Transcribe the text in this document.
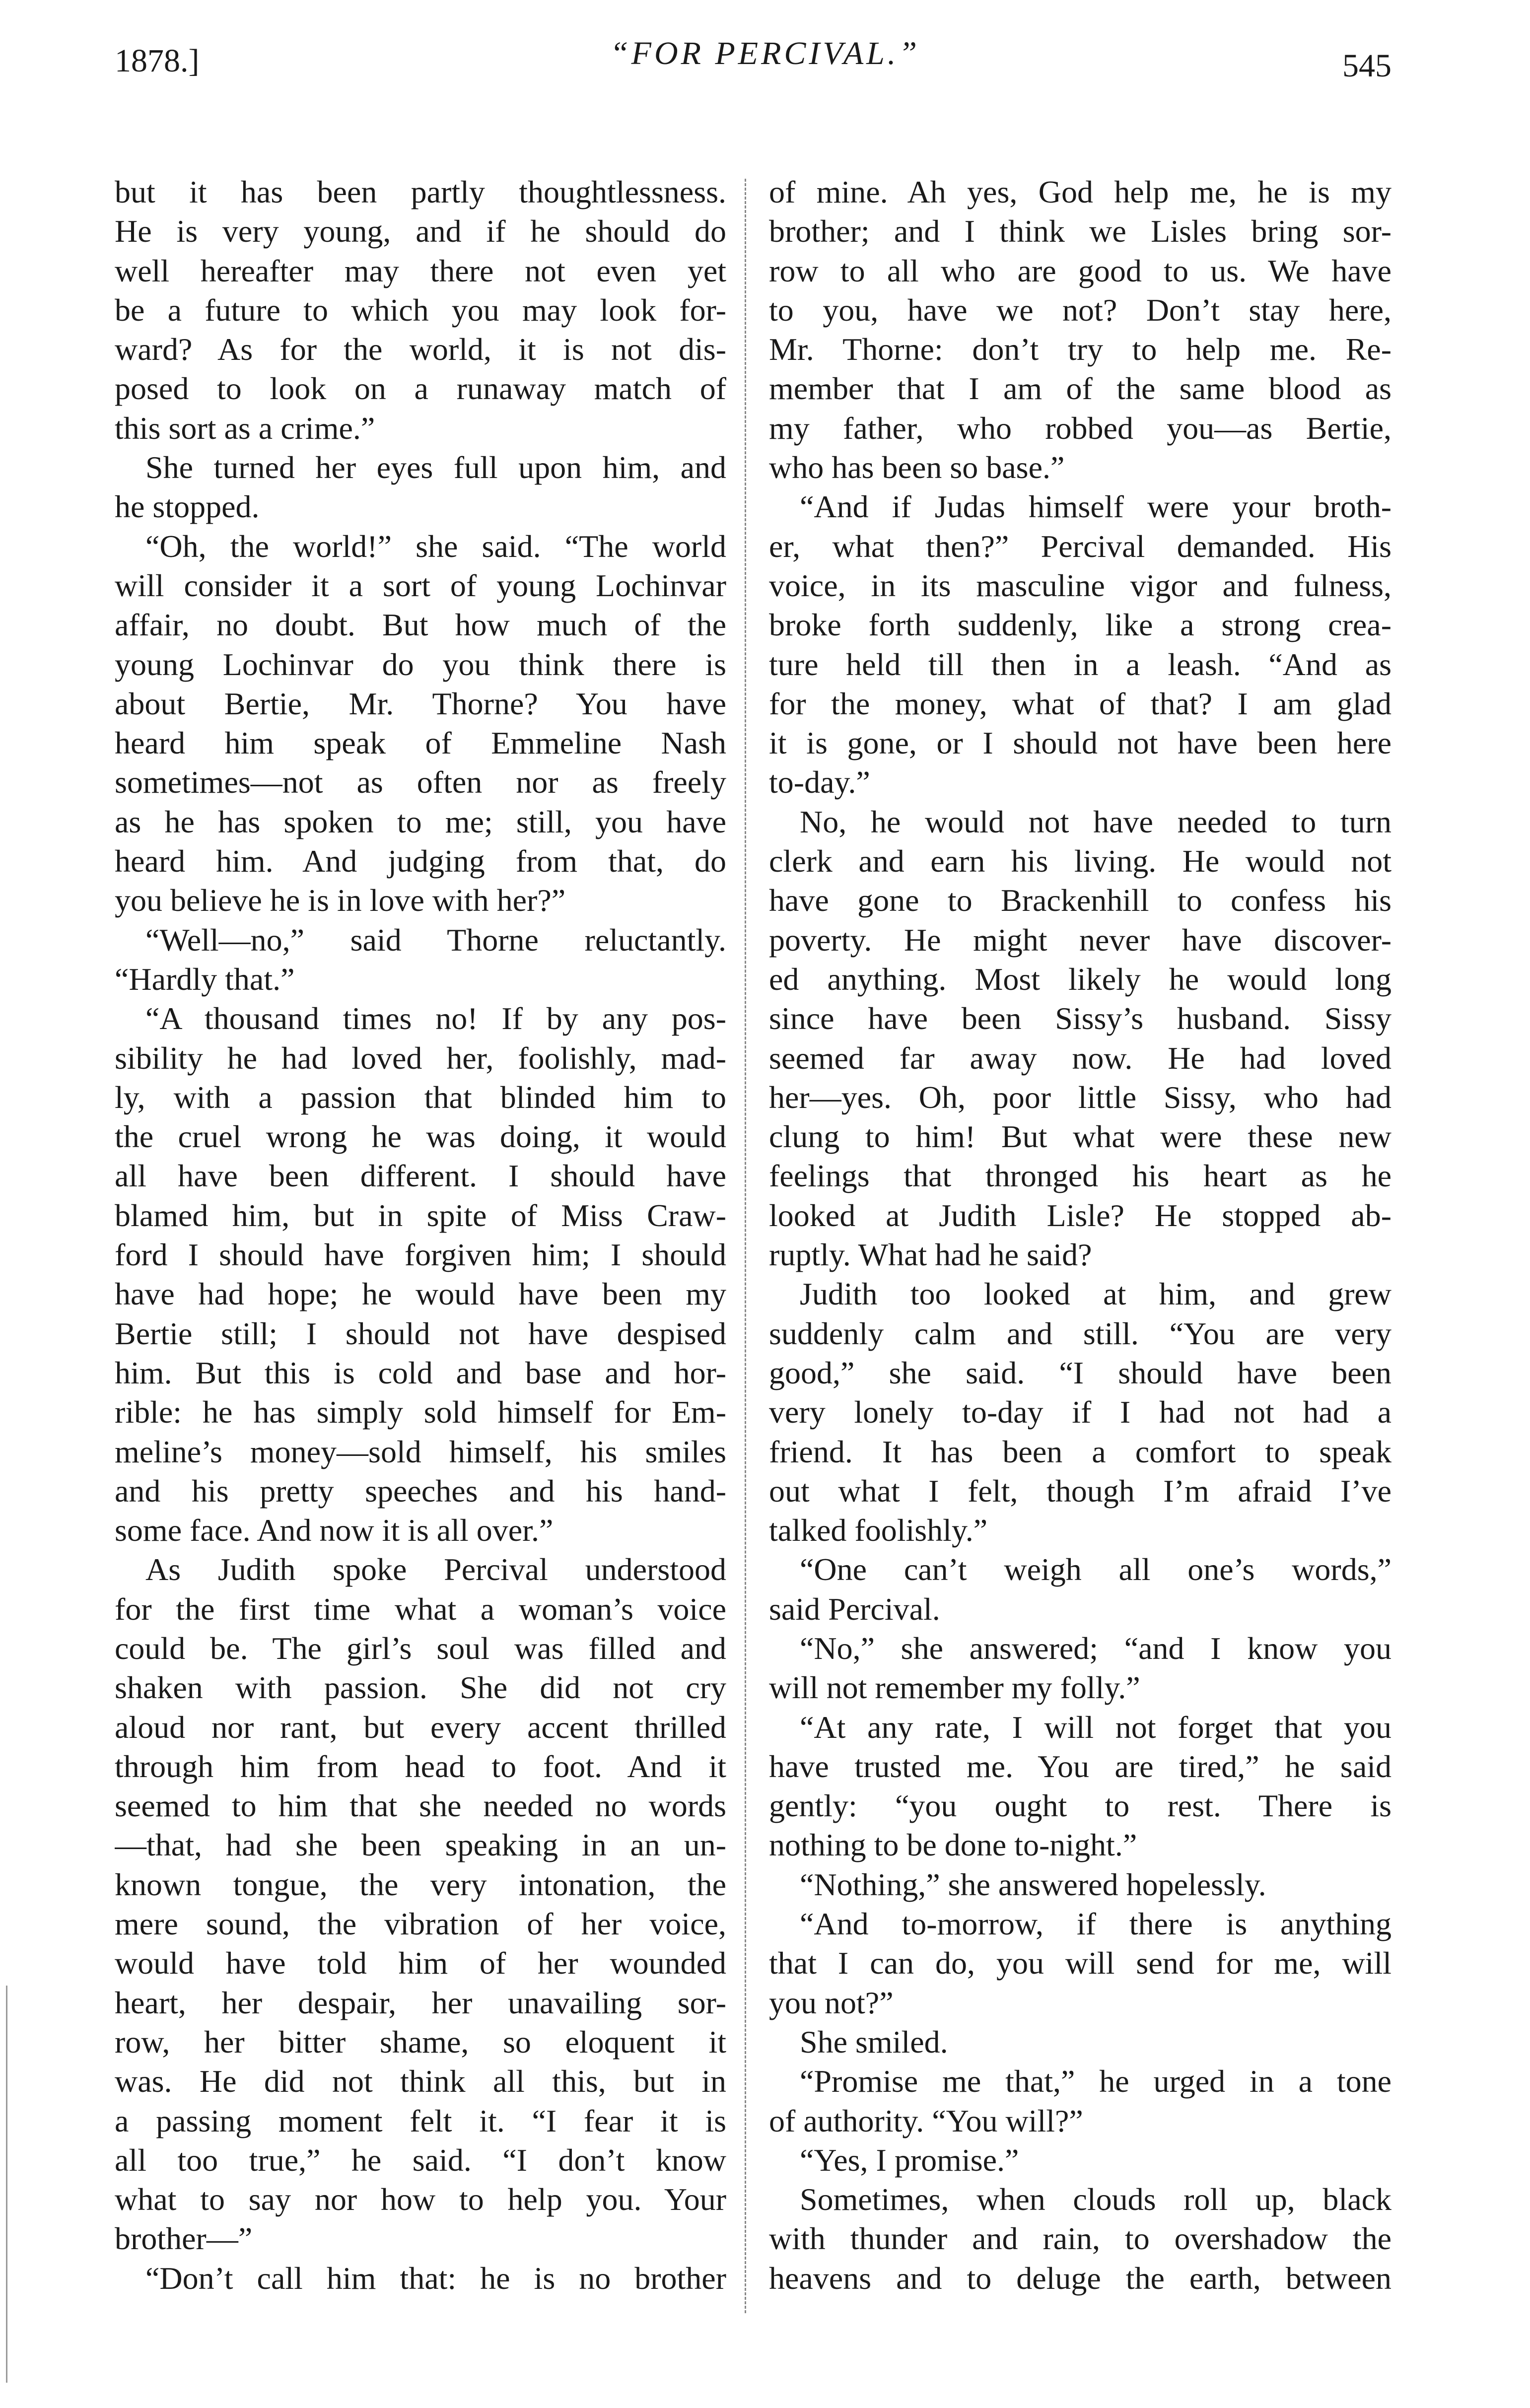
1878.]	“FOR PERCIVAL.”	545
but it has been partly thoughtlessness.
He is very young, and if he should do
well hereafter may there not even yet
be a future to which you may look for-
ward? As for the world, it is not dis-
posed to look on a runaway match of
this sort as a crime.”
She turned her eyes full upon him, and
he stopped.
“Oh, the world!” she said. “The world
will consider it a sort of young Lochinvar
affair, no doubt. But how much of the
young Lochinvar do you think there is
about Bertie, Mr. Thorne? You have
heard him speak of Emmeline Nash
sometimes—not as often nor as freely
as he has spoken to me; still, you have
heard him. And judging from that, do
you believe he is in love with her?”
“Well—no,” said Thorne reluctantly.
“Hardly that.”
“A thousand times no! If by any pos-
sibility he had loved her, foolishly, mad-
ly, with a passion that blinded him to
the cruel wrong he was doing, it would
all have been different. I should have
blamed him, but in spite of Miss Craw-
ford I should have forgiven him; I should
have had hope; he would have been my
Bertie still; I should not have despised
him. But this is cold and base and hor-
rible: he has simply sold himself for Em-
meline’s money—sold himself, his smiles
and his pretty speeches and his hand-
some face. And now it is all over.”
As Judith spoke Percival understood
for the first time what a woman’s voice
could be. The girl’s soul was filled and
shaken with passion. She did not cry
aloud nor rant, but every accent thrilled
through him from head to foot. And it
seemed to him that she needed no words
—that, had she been speaking in an un-
known tongue, the very intonation, the
mere sound, the vibration of her voice,
would have told him of her wounded
heart, her despair, her unavailing sor-
row, her bitter shame, so eloquent it
was. He did not think all this, but in
a passing moment felt it. “I fear it is
all too true,” he said. “I don’t know
what to say nor how to help you. Your
brother—”
“Don’t call him that: he is no brother
of mine. Ah yes, God help me, he is my
brother; and I think we Lisles bring sor-
row to all who are good to us. We have
to you, have we not? Don’t stay here,
Mr. Thorne: don’t try to help me. Re-
member that I am of the same blood as
my father, who robbed you—as Bertie,
who has been so base.”
“And if Judas himself were your broth-
er, what then?” Percival demanded. His
voice, in its masculine vigor and fulness,
broke forth suddenly, like a strong crea-
ture held till then in a leash. “And as
for the money, what of that? I am glad
it is gone, or I should not have been here
to-day.”
No, he would not have needed to turn
clerk and earn his living. He would not
have gone to Brackenhill to confess his
poverty. He might never have discover-
ed anything. Most likely he would long
since have been Sissy’s husband. Sissy
seemed far away now. He had loved
her—yes. Oh, poor little Sissy, who had
clung to him! But what were these new
feelings that thronged his heart as he
looked at Judith Lisle? He stopped ab-
ruptly. What had he said?
Judith too looked at him, and grew
suddenly calm and still. “You are very
good,” she said. “I should have been
very lonely to-day if I had not had a
friend. It has been a comfort to speak
out what I felt, though I’m afraid I’ve
talked foolishly.”
“One can’t weigh all one’s words,”
said Percival.
“No,” she answered; “and I know you
will not remember my folly.”
“At any rate, I will not forget that you
have trusted me. You are tired,” he said
gently: “you ought to rest. There is
nothing to be done to-night.”
“Nothing,” she answered hopelessly.
“And to-morrow, if there is anything
that I can do, you will send for me, will
you not?”
She smiled.
“Promise me that,” he urged in a tone
of authority. “You will?”
“Yes, I promise.”
Sometimes, when clouds roll up, black
with thunder and rain, to overshadow the
heavens and to deluge the earth, between
